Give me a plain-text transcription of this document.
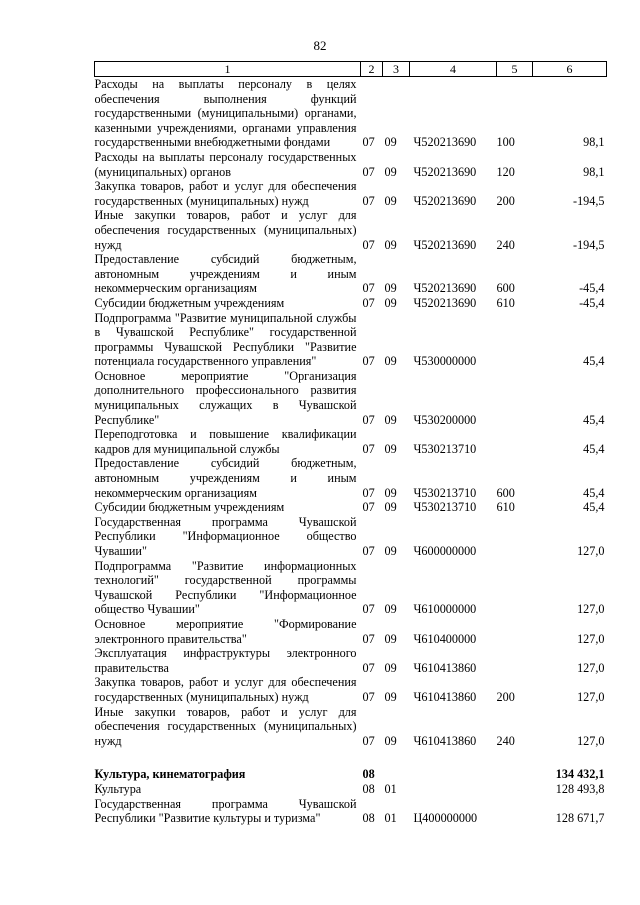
82
1	2	3	4	5	6
Расходы на выплаты персоналу в целях обеспечения выполнения функций государственными (муниципальными) органами, казенными учреждениями, органами управления государственными внебюджетными фондами	07	09	Ч520213690	100	98,1
Расходы на выплаты персоналу государственных (муниципальных) органов	07	09	Ч520213690	120	98,1
Закупка товаров, работ и услуг для обеспечения государственных (муниципальных) нужд	07	09	Ч520213690	200	-194,5
Иные закупки товаров, работ и услуг для обеспечения государственных (муниципальных) нужд	07	09	Ч520213690	240	-194,5
Предоставление субсидий бюджетным, автономным учреждениям и иным некоммерческим организациям	07	09	Ч520213690	600	-45,4
Субсидии бюджетным учреждениям	07	09	Ч520213690	610	-45,4
Подпрограмма "Развитие муниципальной службы в Чувашской Республике" государственной программы Чувашской Республики "Развитие потенциала государственного управления"	07	09	Ч530000000		45,4
Основное мероприятие "Организация дополнительного профессионального развития муниципальных служащих в Чувашской Республике"	07	09	Ч530200000		45,4
Переподготовка и повышение квалификации кадров для муниципальной службы	07	09	Ч530213710		45,4
Предоставление субсидий бюджетным, автономным учреждениям и иным некоммерческим организациям	07	09	Ч530213710	600	45,4
Субсидии бюджетным учреждениям	07	09	Ч530213710	610	45,4
Государственная программа Чувашской Республики "Информационное общество Чувашии"	07	09	Ч600000000		127,0
Подпрограмма "Развитие информационных технологий" государственной программы Чувашской Республики "Информационное общество Чувашии"	07	09	Ч610000000		127,0
Основное мероприятие "Формирование электронного правительства"	07	09	Ч610400000		127,0
Эксплуатация инфраструктуры электронного правительства	07	09	Ч610413860		127,0
Закупка товаров, работ и услуг для обеспечения государственных (муниципальных) нужд	07	09	Ч610413860	200	127,0
Иные закупки товаров, работ и услуг для обеспечения государственных (муниципальных) нужд	07	09	Ч610413860	240	127,0
Культура, кинематография	08				134 432,1
Культура	08	01			128 493,8
Государственная программа Чувашской Республики "Развитие культуры и туризма"	08	01	Ц400000000		128 671,7
